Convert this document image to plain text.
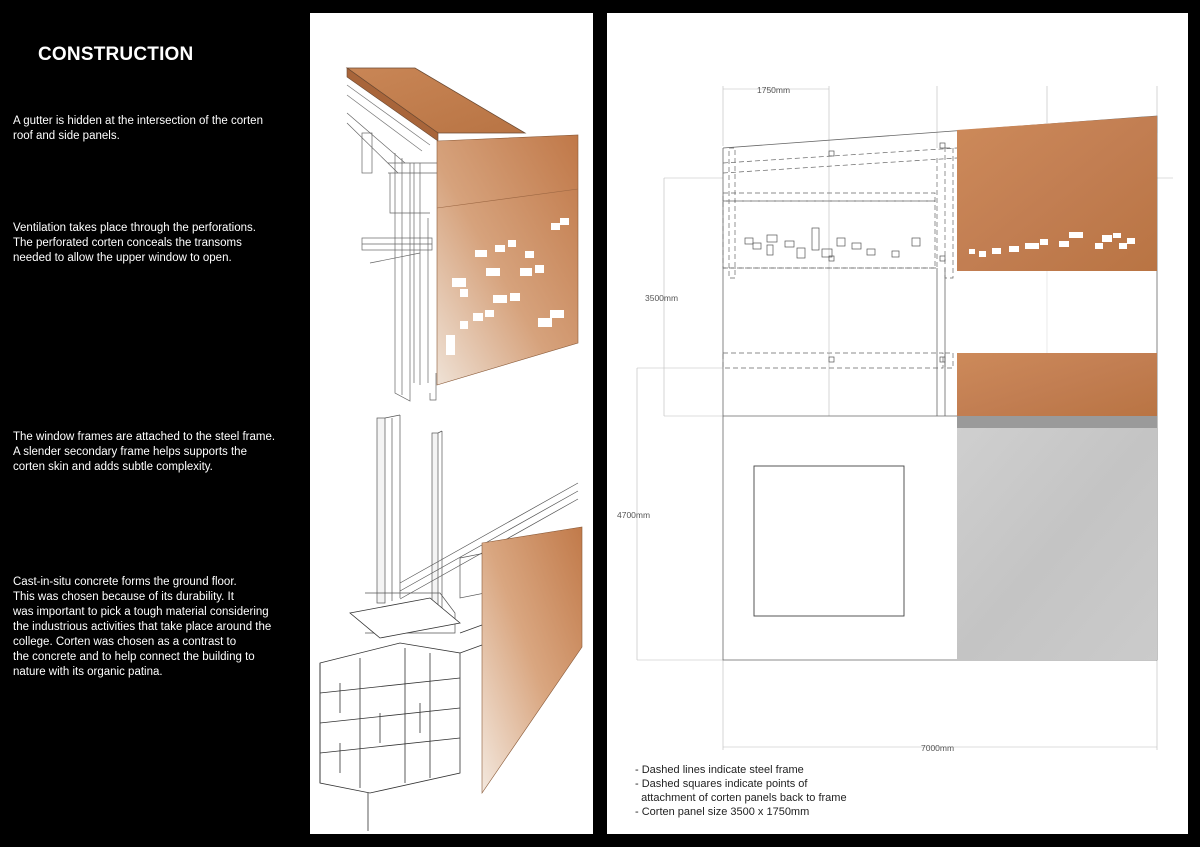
CONSTRUCTION
A gutter is hidden at the intersection of the corten
roof and side panels.
Ventilation takes place through the perforations.
The perforated corten conceals the transoms
needed to allow the upper window to open.
The window frames are attached to the steel frame.
A slender secondary frame helps supports the
corten skin and adds subtle complexity.
Cast-in-situ concrete forms the ground floor.
This was chosen because of its durability. It
was important to pick a tough material considering
the industrious activities that take place around the
college. Corten was chosen as a contrast to
the concrete and to help connect the building to
nature with its organic patina.
1750mm
3500mm
4700mm
7000mm
- Dashed lines indicate steel frame
- Dashed squares indicate points of
attachment of corten panels back to frame
- Corten panel size 3500 x 1750mm
